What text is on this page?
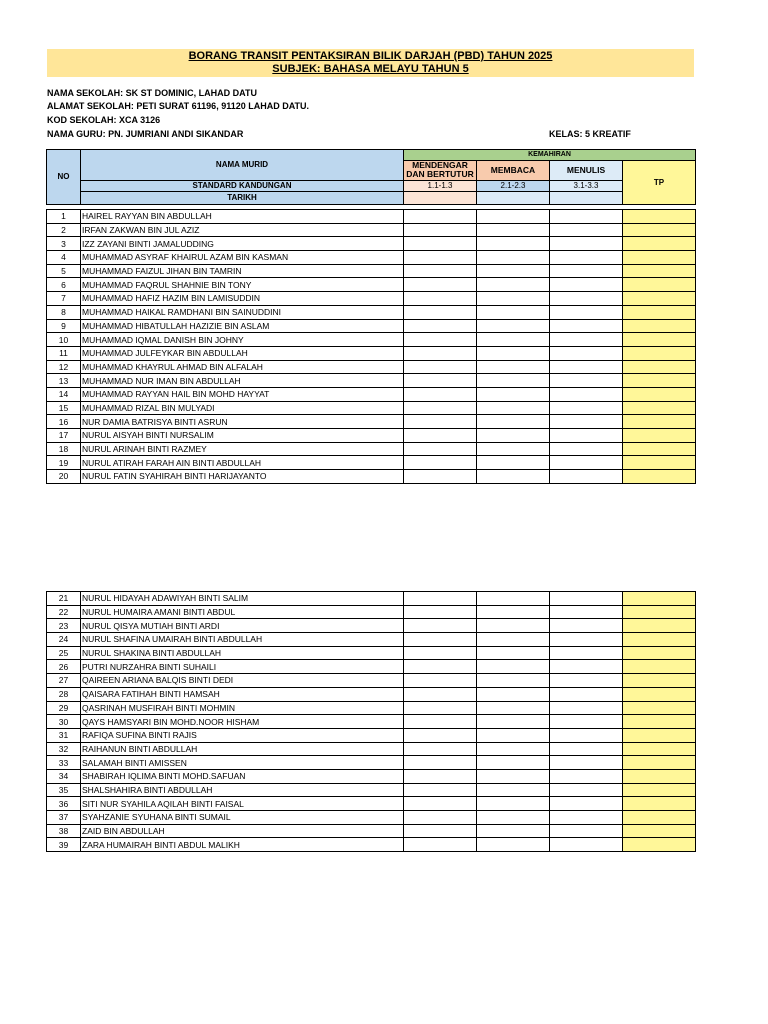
BORANG TRANSIT PENTAKSIRAN BILIK DARJAH (PBD) TAHUN 2025
SUBJEK: BAHASA MELAYU TAHUN 5
NAMA SEKOLAH: SK ST DOMINIC, LAHAD DATU
ALAMAT SEKOLAH: PETI SURAT 61196, 91120 LAHAD DATU.
KOD SEKOLAH: XCA 3126
NAMA GURU: PN. JUMRIANI ANDI SIKANDAR	KELAS: 5 KREATIF
NO	NAMA MURID	KEMAHIRAN			
		MENDENGAR DAN BERTUTUR	MEMBACA	MENULIS	TP
	STANDARD KANDUNGAN	1.1-1.3	2.1-2.3	3.1-3.3	
	TARIKH				
1	HAIREL RAYYAN BIN ABDULLAH				
2	IRFAN ZAKWAN BIN JUL AZIZ				
3	IZZ ZAYANI BINTI JAMALUDDING				
4	MUHAMMAD ASYRAF KHAIRUL AZAM BIN KASMAN				
5	MUHAMMAD FAIZUL JIHAN BIN TAMRIN				
6	MUHAMMAD FAQRUL SHAHNIE BIN TONY				
7	MUHAMMAD HAFIZ HAZIM BIN LAMISUDDIN				
8	MUHAMMAD HAIKAL RAMDHANI BIN SAINUDDINI				
9	MUHAMMAD HIBATULLAH HAZIZIE BIN ASLAM				
10	MUHAMMAD IQMAL DANISH BIN JOHNY				
11	MUHAMMAD JULFEYKAR BIN ABDULLAH				
12	MUHAMMAD KHAYRUL AHMAD BIN ALFALAH				
13	MUHAMMAD NUR IMAN BIN ABDULLAH				
14	MUHAMMAD RAYYAN HAIL BIN MOHD HAYYAT				
15	MUHAMMAD RIZAL BIN MULYADI				
16	NUR DAMIA BATRISYA BINTI ASRUN				
17	NURUL AISYAH BINTI NURSALIM				
18	NURUL ARINAH BINTI RAZMEY				
19	NURUL ATIRAH FARAH AIN BINTI ABDULLAH				
20	NURUL FATIN SYAHIRAH BINTI HARIJAYANTO				
21	NURUL HIDAYAH ADAWIYAH BINTI SALIM				
22	NURUL HUMAIRA AMANI BINTI ABDUL				
23	NURUL QISYA MUTIAH BINTI ARDI				
24	NURUL SHAFINA UMAIRAH BINTI ABDULLAH				
25	NURUL SHAKINA BINTI ABDULLAH				
26	PUTRI NURZAHRA BINTI SUHAILI				
27	QAIREEN ARIANA BALQIS BINTI DEDI				
28	QAISARA FATIHAH BINTI HAMSAH				
29	QASRINAH MUSFIRAH BINTI MOHMIN				
30	QAYS HAMSYARI BIN MOHD.NOOR HISHAM				
31	RAFIQA SUFINA BINTI RAJIS				
32	RAIHANUN BINTI ABDULLAH				
33	SALAMAH BINTI AMISSEN				
34	SHABIRAH IQLIMA BINTI MOHD.SAFUAN				
35	SHALSHAHIRA BINTI ABDULLAH				
36	SITI NUR SYAHILA AQILAH BINTI FAISAL				
37	SYAHZANIE SYUHANA BINTI SUMAIL				
38	ZAID BIN ABDULLAH				
39	ZARA HUMAIRAH BINTI ABDUL MALIKH				
